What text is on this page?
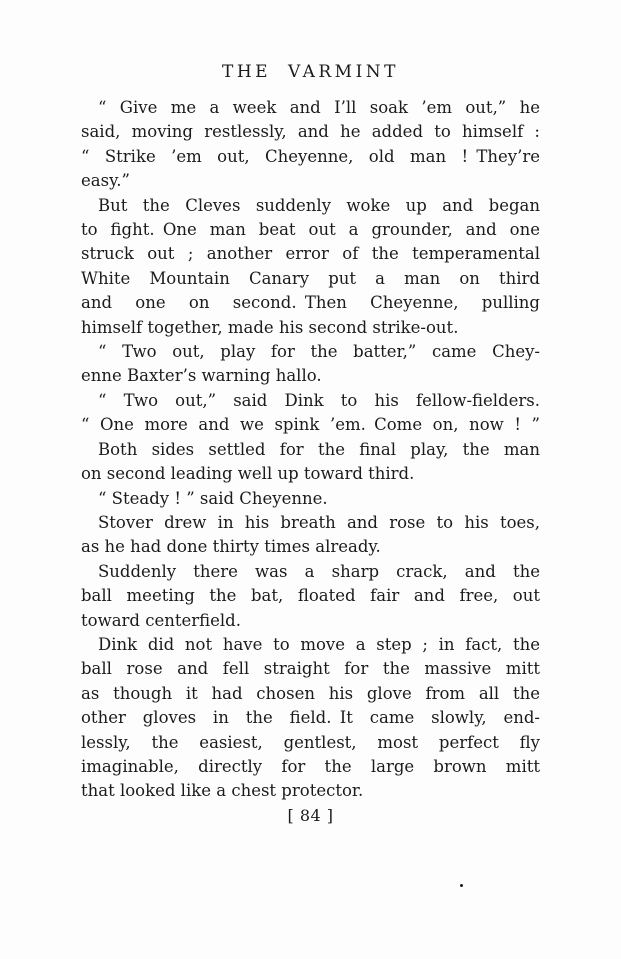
THE VARMINT
“ Give me a week and I’ll soak ’em out,” he
said, moving restlessly, and he added to himself :
“ Strike ’em out, Cheyenne, old man ! They’re
easy.”
But the Cleves suddenly woke up and began
to fight. One man beat out a grounder, and one
struck out ; another error of the temperamental
White Mountain Canary put a man on third
and one on second. Then Cheyenne, pulling
himself together, made his second strike-out.
“ Two out, play for the batter,” came Chey-
enne Baxter’s warning hallo.
“ Two out,” said Dink to his fellow-fielders.
“ One more and we spink ’em. Come on, now ! ”
Both sides settled for the final play, the man
on second leading well up toward third.
“ Steady ! ” said Cheyenne.
Stover drew in his breath and rose to his toes,
as he had done thirty times already.
Suddenly there was a sharp crack, and the
ball meeting the bat, floated fair and free, out
toward centerfield.
Dink did not have to move a step ; in fact, the
ball rose and fell straight for the massive mitt
as though it had chosen his glove from all the
other gloves in the field. It came slowly, end-
lessly, the easiest, gentlest, most perfect fly
imaginable, directly for the large brown mitt
that looked like a chest protector.
[ 84 ]
